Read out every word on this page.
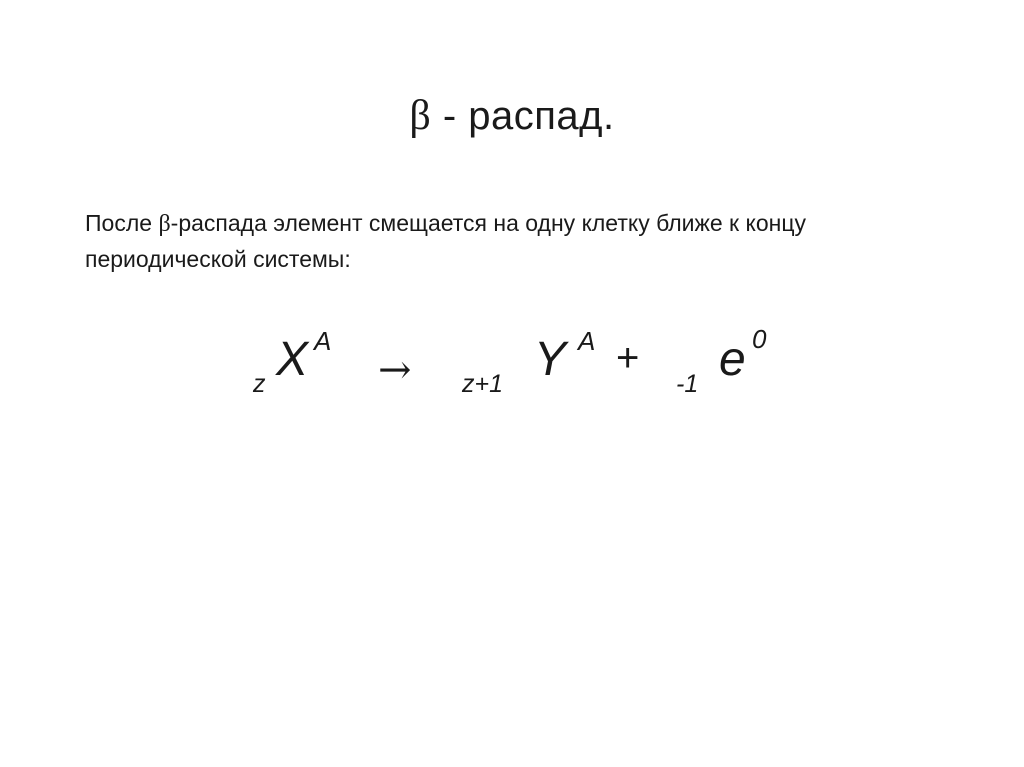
β - распад.
После β-распада элемент смещается на одну клетку ближе к концу периодической системы:
z X A
→ z+1 Y A +
-1 e 0
